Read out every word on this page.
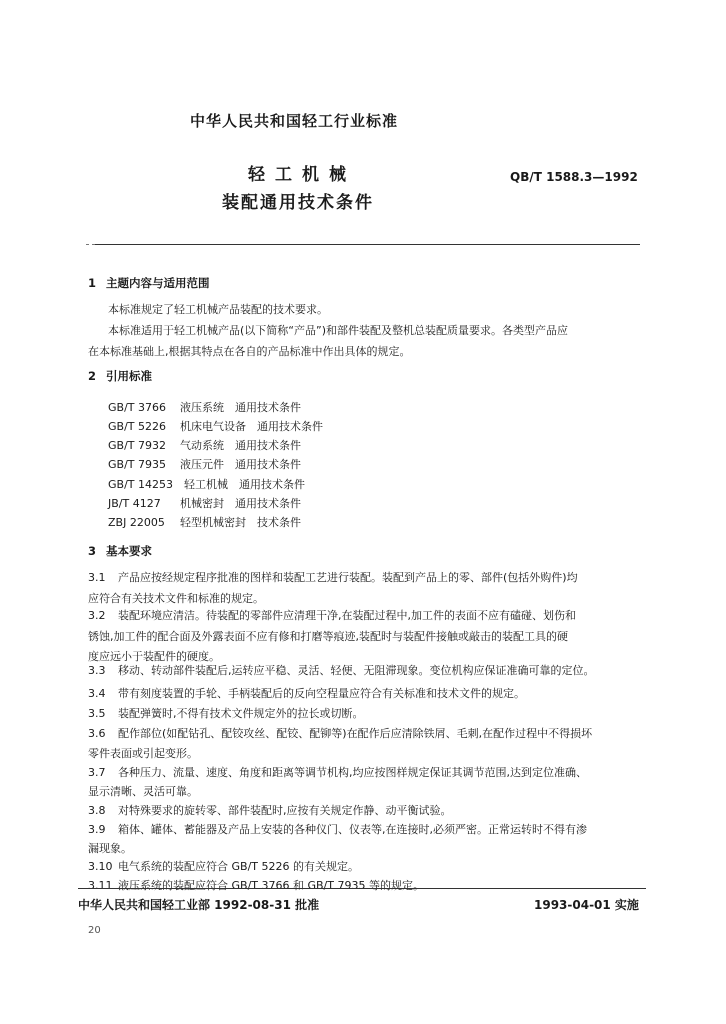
中华人民共和国轻工行业标准
轻工机械
装配通用技术条件
QB/T 1588.3—1992
1 主题内容与适用范围
本标准规定了轻工机械产品装配的技术要求。
本标准适用于轻工机械产品(以下简称“产品”)和部件装配及整机总装配质量要求。各类型产品应
在本标准基础上,根据其特点在各自的产品标准中作出具体的规定。
2 引用标准
GB/T 3766 液压系统　通用技术条件
GB/T 5226 机床电气设备　通用技术条件
GB/T 7932 气动系统　通用技术条件
GB/T 7935 液压元件　通用技术条件
GB/T 14253 轻工机械　通用技术条件
JB/T 4127 机械密封　通用技术条件
ZBJ 22005 轻型机械密封　技术条件
3 基本要求
3.1 产品应按经规定程序批准的图样和装配工艺进行装配。装配到产品上的零、部件(包括外购件)均
应符合有关技术文件和标准的规定。
3.2 装配环境应清洁。待装配的零部件应清理干净,在装配过程中,加工件的表面不应有磕碰、划伤和
锈蚀,加工件的配合面及外露表面不应有修和打磨等痕迹,装配时与装配件接触或敲击的装配工具的硬
度应远小于装配件的硬度。
3.3 移动、转动部件装配后,运转应平稳、灵活、轻便、无阻滞现象。变位机构应保证准确可靠的定位。
3.4 带有刻度装置的手轮、手柄装配后的反向空程量应符合有关标准和技术文件的规定。
3.5 装配弹簧时,不得有技术文件规定外的拉长或切断。
3.6 配作部位(如配钻孔、配铰攻丝、配铰、配铆等)在配作后应清除铁屑、毛刺,在配作过程中不得损坏
零件表面或引起变形。
3.7 各种压力、流量、速度、角度和距离等调节机构,均应按图样规定保证其调节范围,达到定位准确、
显示清晰、灵活可靠。
3.8 对特殊要求的旋转零、部件装配时,应按有关规定作静、动平衡试验。
3.9 箱体、罐体、蓄能器及产品上安装的各种仪门、仪表等,在连接时,必须严密。正常运转时不得有渗
漏现象。
3.10 电气系统的装配应符合 GB/T 5226 的有关规定。
3.11 液压系统的装配应符合 GB/T 3766 和 GB/T 7935 等的规定。
中华人民共和国轻工业部 1992-08-31 批准	1993-04-01 实施
20
